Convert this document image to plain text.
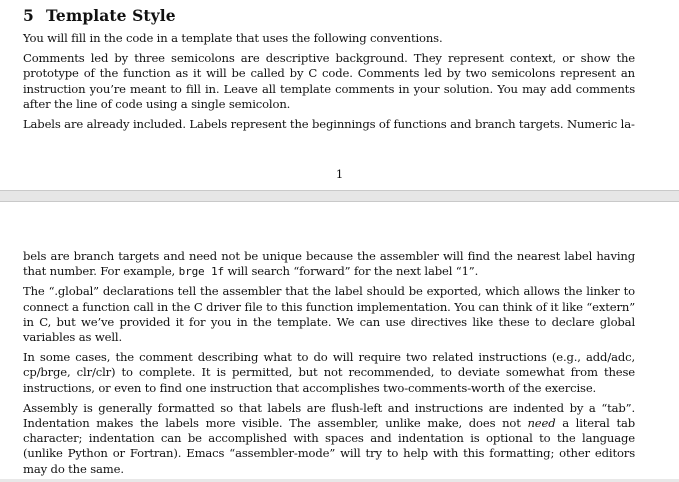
5 Template Style

You will fill in the code in a template that uses the following conventions.

Comments led by three semicolons are descriptive background. They represent context, or show the prototype of the function as it will be called by C code. Comments led by two semicolons represent an instruction you’re meant to fill in. Leave all template comments in your solution. You may add comments after the line of code using a single semicolon.

Labels are already included. Labels represent the beginnings of functions and branch targets. Numeric la-

1

bels are branch targets and need not be unique because the assembler will find the nearest label having that number. For example, brge 1f will search “forward” for the next label “1”.

The “.global” declarations tell the assembler that the label should be exported, which allows the linker to connect a function call in the C driver file to this function implementation. You can think of it like “extern” in C, but we’ve provided it for you in the template. We can use directives like these to declare global variables as well.

In some cases, the comment describing what to do will require two related instructions (e.g., add/adc, cp/brge, clr/clr) to complete. It is permitted, but not recommended, to deviate somewhat from these instructions, or even to find one instruction that accomplishes two-comments-worth of the exercise.

Assembly is generally formatted so that labels are flush-left and instructions are indented by a “tab”. Indentation makes the labels more visible. The assembler, unlike make, does not need a literal tab character; indentation can be accomplished with spaces and indentation is optional to the language (unlike Python or Fortran). Emacs “assembler-mode” will try to help with this formatting; other editors may do the same.
